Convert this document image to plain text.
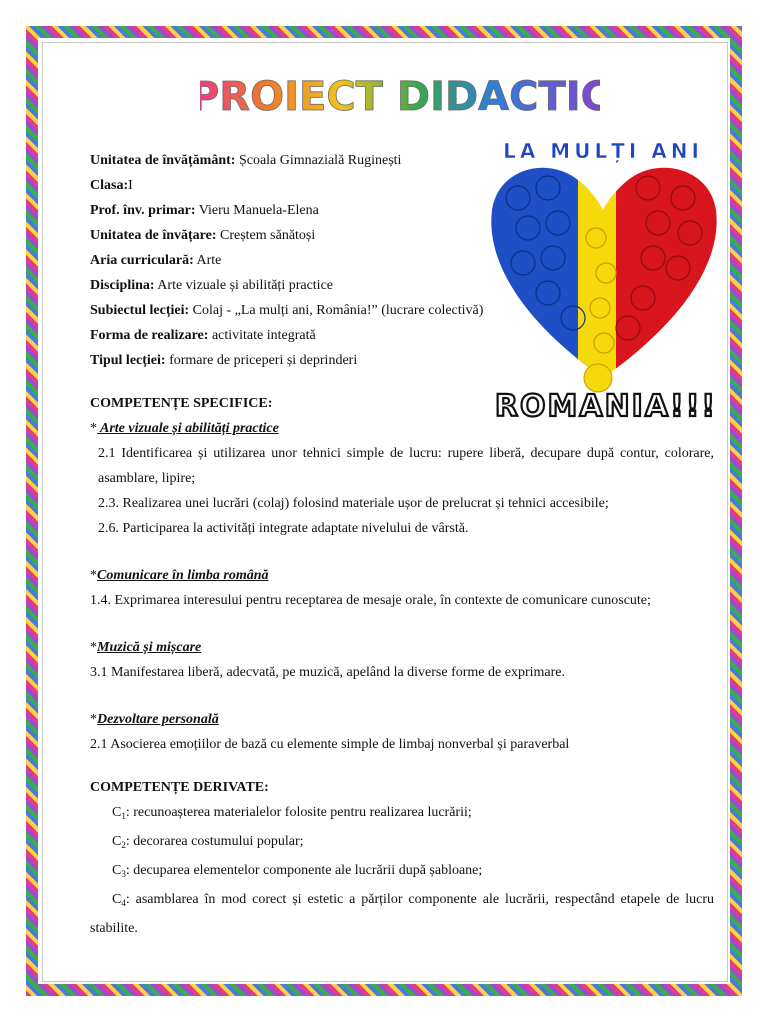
PROIECT DIDACTIC
LA MULȚI ANI
ROMANIA!!!
Unitatea de învățământ: Școala Gimnazială Ruginești
Clasa:I
Prof. înv. primar: Vieru Manuela-Elena
Unitatea de învățare: Creștem sănătoși
Aria curriculară: Arte
Disciplina: Arte vizuale și abilități practice
Subiectul lecției: Colaj - „La mulți ani, România!” (lucrare colectivă)
Forma de realizare: activitate integrată
Tipul lecției: formare de priceperi și deprinderi
COMPETENȚE SPECIFICE:
* Arte vizuale și abilități practice
2.1 Identificarea și utilizarea unor tehnici simple de lucru: rupere liberă, decupare după contur, colorare, asamblare, lipire;
2.3. Realizarea unei lucrări (colaj) folosind materiale ușor de prelucrat și tehnici accesibile;
2.6. Participarea la activități integrate adaptate nivelului de vârstă.
*Comunicare în limba română
1.4. Exprimarea interesului pentru receptarea de mesaje orale, în contexte de comunicare cunoscute;
*Muzică și mișcare
3.1 Manifestarea liberă, adecvată, pe muzică, apelând la diverse forme de exprimare.
*Dezvoltare personală
2.1 Asocierea emoțiilor de bază cu elemente simple de limbaj nonverbal și paraverbal
COMPETENȚE DERIVATE:
$C_1$: recunoașterea materialelor folosite pentru realizarea lucrării;
$C_2$: decorarea costumului popular;
$C_3$: decuparea elementelor componente ale lucrării după șabloane;
$C_4$: asamblarea în mod corect și estetic a părților componente ale lucrării, respectând etapele de lucru stabilite.
